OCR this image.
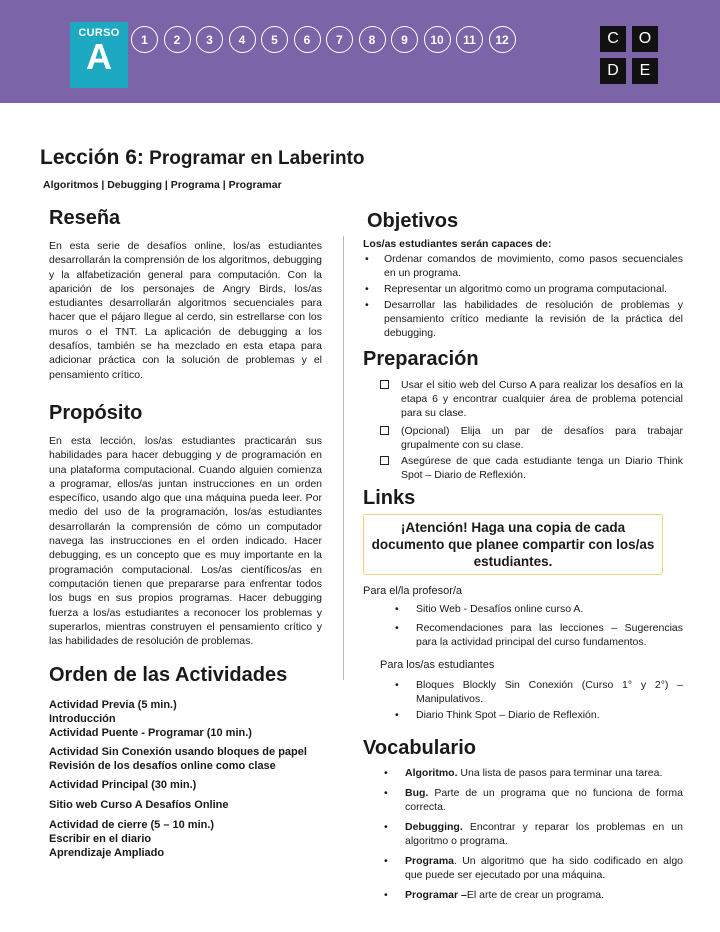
CURSO
A	1	2	3	4	5	6	7	8	9	10	11	12	C	O
D	E
Lección 6: Programar en Laberinto
Algoritmos | Debugging | Programa | Programar
Reseña

En esta serie de desafíos online, los/as estudiantes desarrollarán la comprensión de los algoritmos, debugging y la alfabetización general para computación. Con la aparición de los personajes de Angry Birds, los/as estudiantes desarrollarán algoritmos secuenciales para hacer que el pájaro llegue al cerdo, sin estrellarse con los muros o el TNT. La aplicación de debugging a los desafíos, también se ha mezclado en esta etapa para adicionar práctica con la solución de problemas y el pensamiento crítico.

Propósito

En esta lección, los/as estudiantes practicarán sus habilidades para hacer debugging y de programación en una plataforma computacional. Cuando alguien comienza a programar, ellos/as juntan instrucciones en un orden específico, usando algo que una máquina pueda leer. Por medio del uso de la programación, los/as estudiantes desarrollarán la comprensión de cómo un computador navega las instrucciones en el orden indicado. Hacer debugging, es un concepto que es muy importante en la programación computacional. Los/as científicos/as en computación tienen que prepararse para enfrentar todos los bugs en sus propios programas. Hacer debugging fuerza a los/as estudiantes a reconocer los problemas y superarlos, mientras construyen el pensamiento crítico y las habilidades de resolución de problemas.

Orden de las Actividades
Actividad Previa (5 min.)
Introducción
Actividad Puente - Programar (10 min.)
Actividad Sin Conexión usando bloques de papel
Revisión de los desafíos online como clase
Actividad Principal (30 min.)
Sitio web Curso A Desafíos Online
Actividad de cierre (5 – 10 min.)
Escribir en el diario
Aprendizaje Ampliado
Objetivos
Los/as estudiantes serán capaces de:
• Ordenar comandos de movimiento, como pasos secuenciales en un programa.
• Representar un algoritmo como un programa computacional.
• Desarrollar las habilidades de resolución de problemas y pensamiento crítico mediante la revisión de la práctica del debugging.
Preparación
Usar el sitio web del Curso A para realizar los desafíos en la etapa 6 y encontrar cualquier área de problema potencial para su clase.
(Opcional) Elija un par de desafíos para trabajar grupalmente con su clase.
Asegúrese de que cada estudiante tenga un Diario Think Spot – Diario de Reflexión.
Links
¡Atención! Haga una copia de cada documento que planee compartir con los/as estudiantes.
Para el/la profesor/a
• Sitio Web - Desafíos online curso A.
• Recomendaciones para las lecciones – Sugerencias para la actividad principal del curso fundamentos.
Para los/as estudiantes
• Bloques Blockly Sin Conexión (Curso 1° y 2°) – Manipulativos.
• Diario Think Spot – Diario de Reflexión.
Vocabulario
• Algoritmo. Una lista de pasos para terminar una tarea.
• Bug. Parte de un programa que no funciona de forma correcta.
• Debugging. Encontrar y reparar los problemas en un algoritmo o programa.
• Programa. Un algoritmo que ha sido codificado en algo que puede ser ejecutado por una máquina.
• Programar –El arte de crear un programa.
